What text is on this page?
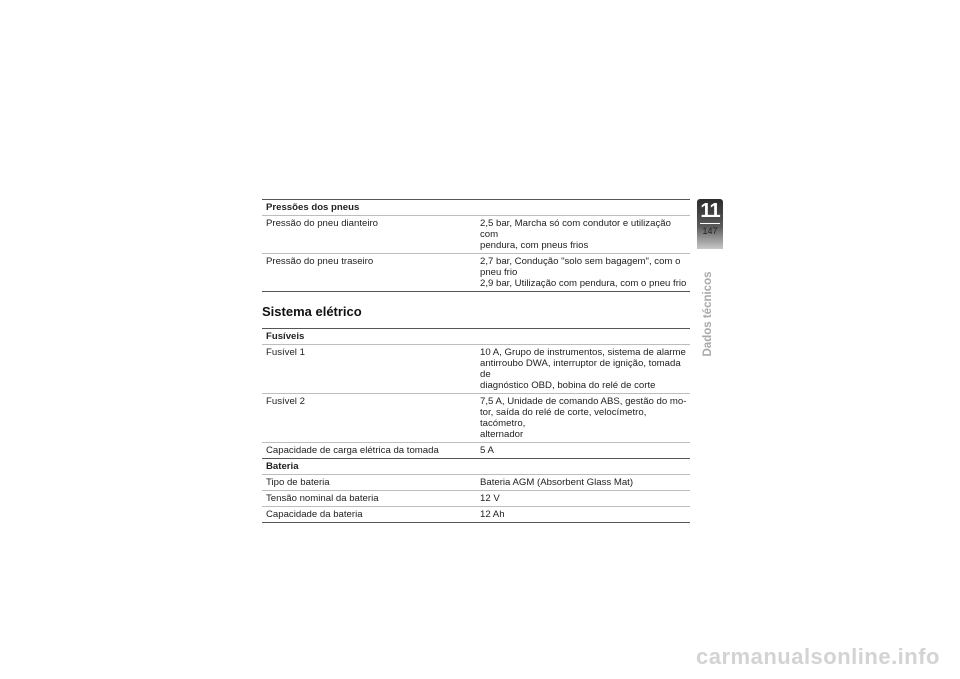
Pressões dos pneus	
Pressão do pneu dianteiro	2,5 bar, Marcha só com condutor e utilização com
pendura, com pneus frios

Pressão do pneu traseiro	2,7 bar, Condução "solo sem bagagem", com o
pneu frio
2,9 bar, Utilização com pendura, com o pneu frio
Sistema elétrico
Fusíveis	
Fusível 1	10 A, Grupo de instrumentos, sistema de alarme
antirroubo DWA, interruptor de ignição, tomada de
diagnóstico OBD, bobina do relé de corte

Fusível 2	7,5 A, Unidade de comando ABS, gestão do mo-
tor, saída do relé de corte, velocímetro, tacómetro,
alternador

Capacidade de carga elétrica da tomada	5 A

Bateria	
Tipo de bateria	Bateria AGM (Absorbent Glass Mat)

Tensão nominal da bateria	12 V

Capacidade da bateria	12 Ah
11
147
Dados técnicos
carmanualsonline.info
